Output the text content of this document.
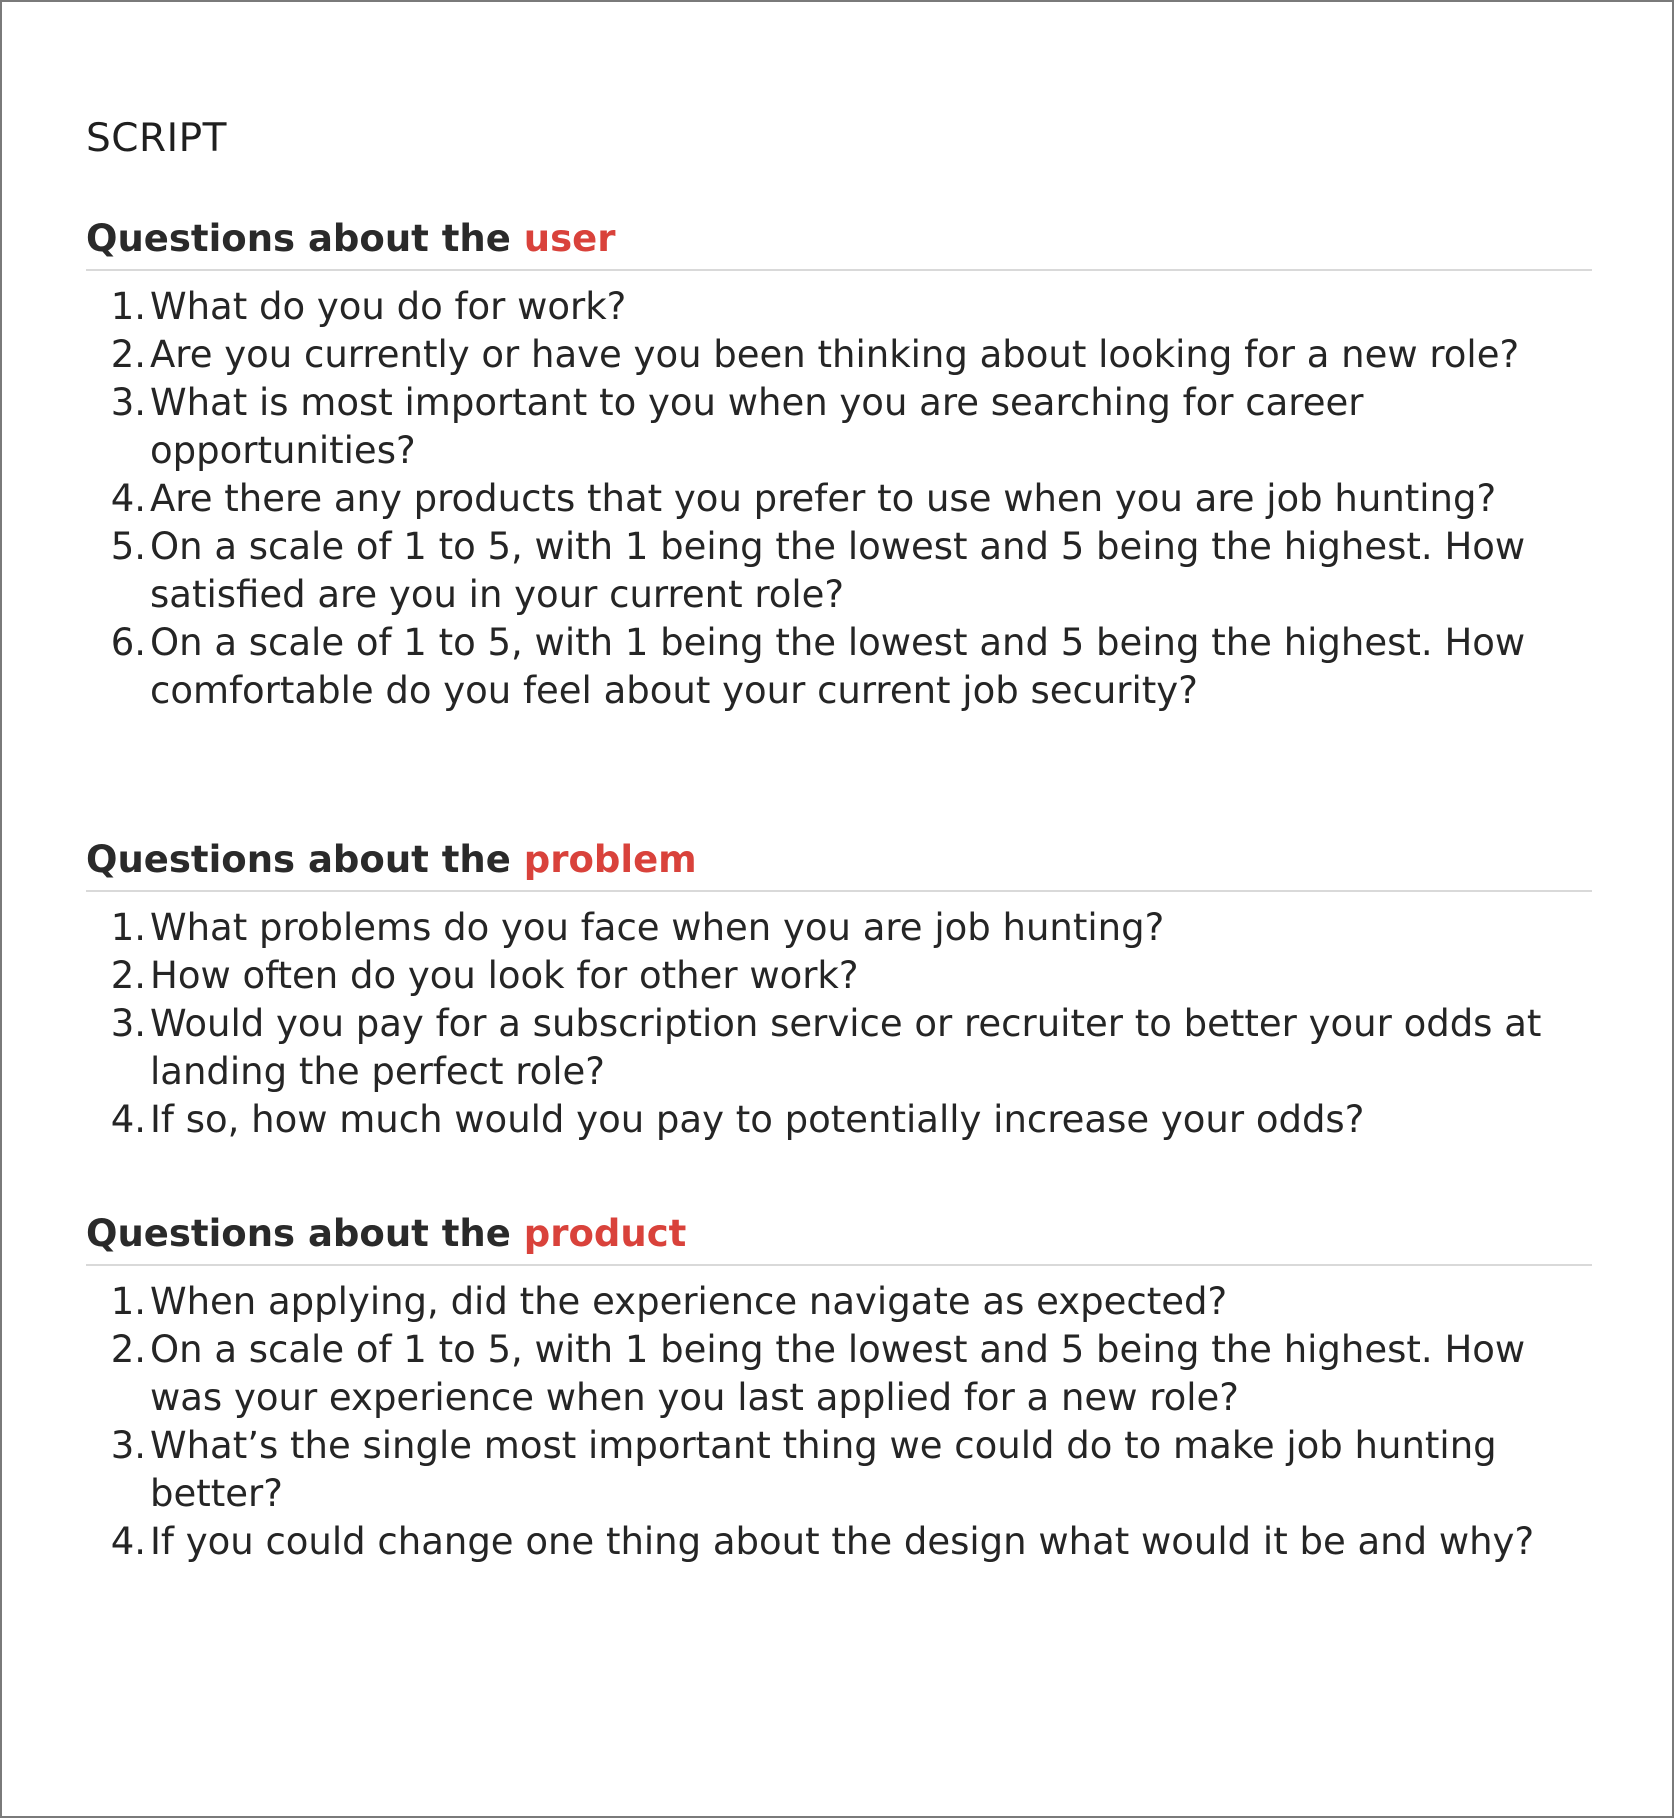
SCRIPT
Questions about the user
1. What do you do for work?
2. Are you currently or have you been thinking about looking for a new role?
3. What is most important to you when you are searching for career opportunities?
4. Are there any products that you prefer to use when you are job hunting?
5. On a scale of 1 to 5, with 1 being the lowest and 5 being the highest. How satisfied are you in your current role?
6. On a scale of 1 to 5, with 1 being the lowest and 5 being the highest. How comfortable do you feel about your current job security?
Questions about the problem
1. What problems do you face when you are job hunting?
2. How often do you look for other work?
3. Would you pay for a subscription service or recruiter to better your odds at landing the perfect role?
4. If so, how much would you pay to potentially increase your odds?
Questions about the product
1. When applying, did the experience navigate as expected?
2. On a scale of 1 to 5, with 1 being the lowest and 5 being the highest. How was your experience when you last applied for a new role?
3. What’s the single most important thing we could do to make job hunting better?
4. If you could change one thing about the design what would it be and why?
